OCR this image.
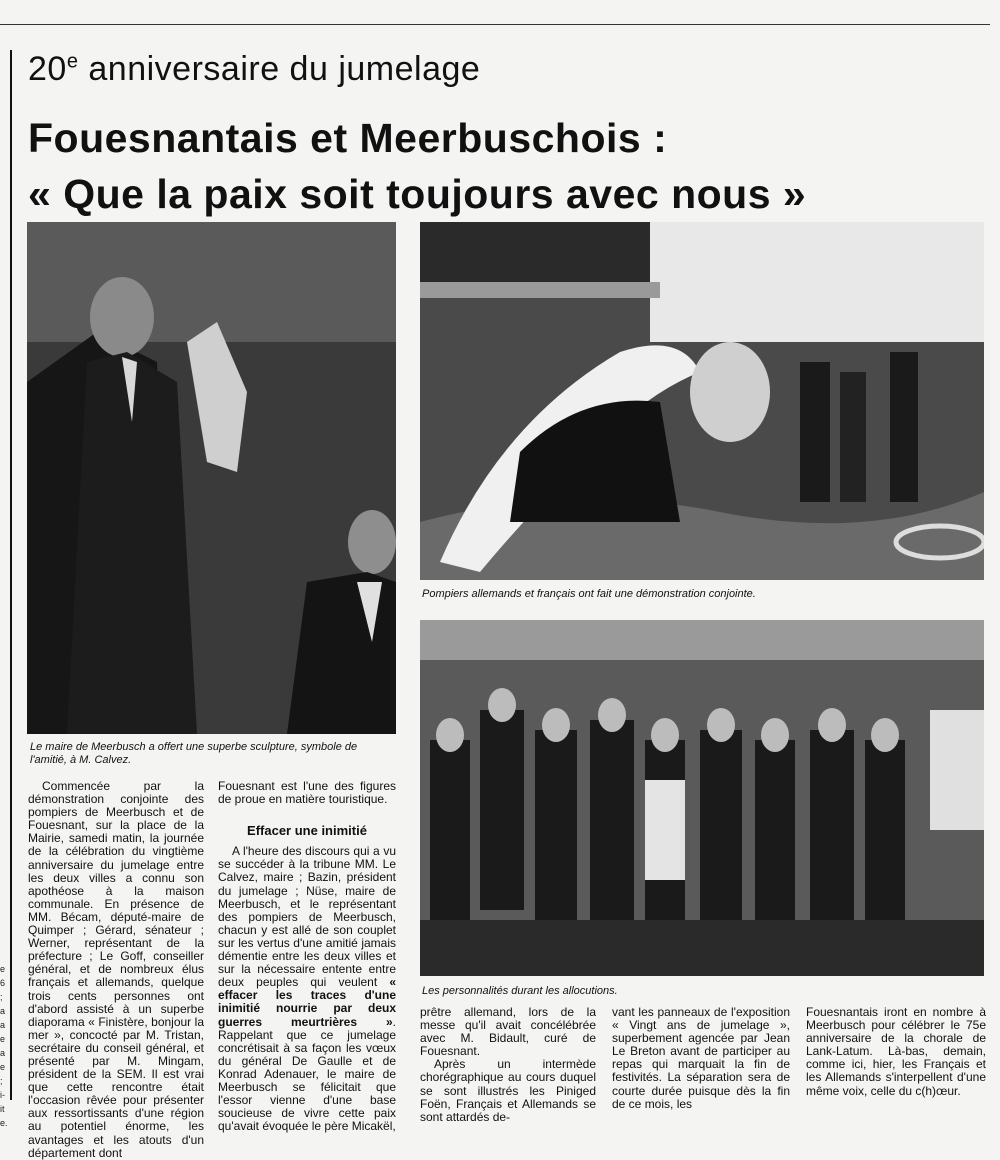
20e anniversaire du jumelage
Fouesnantais et Meerbuschois :
« Que la paix soit toujours avec nous »
Le maire de Meerbusch a offert une superbe sculpture, symbole de l'amitié, à M. Calvez.
Pompiers allemands et français ont fait une démonstration conjointe.
Les personnalités durant les allocutions.

Commencée par la démonstration conjointe des pompiers de Meerbusch et de Fouesnant, sur la place de la Mairie, samedi matin, la journée de la célébration du vingtième anniversaire du jumelage entre les deux villes a connu son apothéose à la maison communale. En présence de MM. Bécam, député-maire de Quimper ; Gérard, sénateur ; Werner, représentant de la préfecture ; Le Goff, conseiller général, et de nombreux élus français et allemands, quelque trois cents personnes ont d'abord assisté à un superbe diaporama « Finistère, bonjour la mer », concocté par M. Tristan, secrétaire du conseil général, et présenté par M. Mingam, président de la SEM. Il est vrai que cette rencontre était l'occasion rêvée pour présenter aux ressortissants d'une région au potentiel énorme, les avantages et les atouts d'un département dont

Fouesnant est l'une des figures de proue en matière touristique.

Effacer une inimitié

A l'heure des discours qui a vu se succéder à la tribune MM. Le Calvez, maire ; Bazin, président du jumelage ; Nüse, maire de Meerbusch, et le représentant des pompiers de Meerbusch, chacun y est allé de son couplet sur les vertus d'une amitié jamais démentie entre les deux villes et sur la nécessaire entente entre deux peuples qui veulent « effacer les traces d'une inimitié nourrie par deux guerres meurtrières ». Rappelant que ce jumelage concrétisait à sa façon les vœux du général De Gaulle et de Konrad Adenauer, le maire de Meerbusch se félicitait que l'essor vienne d'une base soucieuse de vivre cette paix qu'avait évoquée le père Micakël,

prêtre allemand, lors de la messe qu'il avait concélébrée avec M. Bidault, curé de Fouesnant.

Après un intermède chorégraphique au cours duquel se sont illustrés les Piniged Foën, Français et Allemands se sont attardés de-

vant les panneaux de l'exposition « Vingt ans de jumelage », superbement agencée par Jean Le Breton avant de participer au repas qui marquait la fin de festivités. La séparation sera de courte durée puisque dès la fin de ce mois, les

Fouesnantais iront en nombre à Meerbusch pour célébrer le 75e anniversaire de la chorale de Lank-Latum. Là-bas, demain, comme ici, hier, les Français et les Allemands s'interpellent d'une même voix, celle du c(h)œur.

e 6 ; a a e a e ; i- it e.
